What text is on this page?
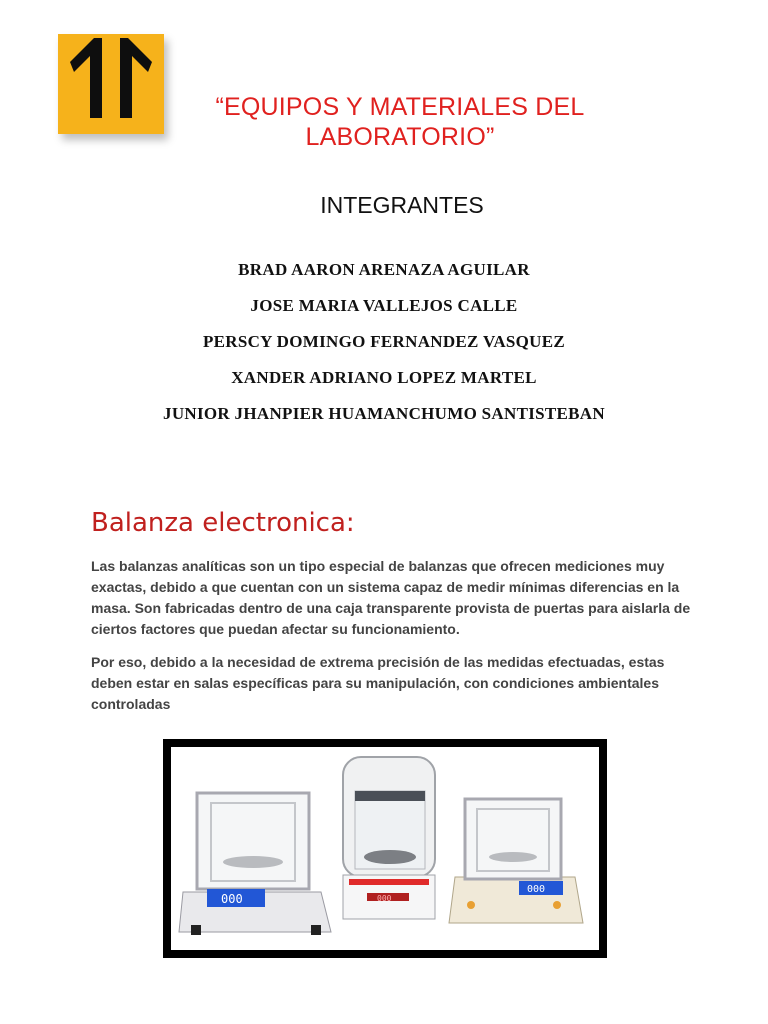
“EQUIPOS Y MATERIALES DEL LABORATORIO”
INTEGRANTES
BRAD AARON ARENAZA AGUILAR
JOSE MARIA VALLEJOS CALLE
PERSCY DOMINGO FERNANDEZ VASQUEZ
XANDER ADRIANO LOPEZ MARTEL
JUNIOR JHANPIER HUAMANCHUMO SANTISTEBAN
Balanza electronica:

Las balanzas analíticas son un tipo especial de balanzas que ofrecen mediciones muy exactas, debido a que cuentan con un sistema capaz de medir mínimas diferencias en la masa. Son fabricadas dentro de una caja transparente provista de puertas para aislarla de ciertos factores que puedan afectar su funcionamiento.

Por eso, debido a la necesidad de extrema precisión de las medidas efectuadas, estas deben estar en salas específicas para su manipulación, con condiciones ambientales controladas

000	000
000
